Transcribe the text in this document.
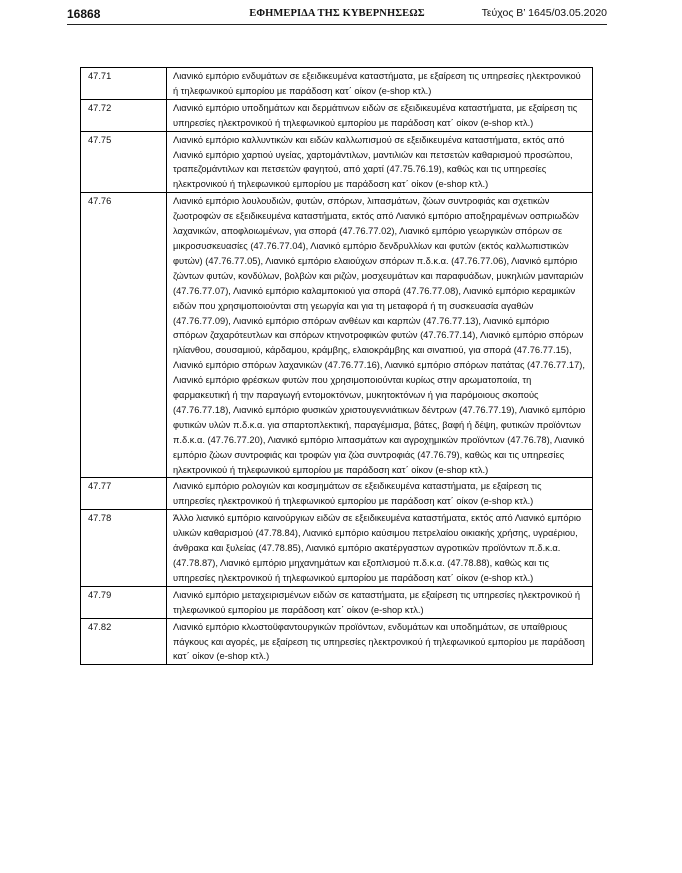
16868	ΕΦΗΜΕΡΙΔΑ ΤΗΣ ΚΥΒΕΡΝΗΣΕΩΣ	Τεύχος Β’ 1645/03.05.2020
47.71	Λιανικό εμπόριο ενδυμάτων σε εξειδικευμένα καταστήματα, με εξαίρεση τις υπηρεσίες ηλεκτρονικού ή τηλεφωνικού εμπορίου με παράδοση κατ΄ οίκον (e-shop κτλ.)
47.72	Λιανικό εμπόριο υποδημάτων και δερμάτινων ειδών σε εξειδικευμένα καταστήματα, με εξαίρεση τις υπηρεσίες ηλεκτρονικού ή τηλεφωνικού εμπορίου με παράδοση κατ΄ οίκον (e-shop κτλ.)
47.75	Λιανικό εμπόριο καλλυντικών και ειδών καλλωπισμού σε εξειδικευμένα καταστήματα, εκτός από Λιανικό εμπόριο χαρτιού υγείας, χαρτομάντιλων, μαντιλιών και πετσετών καθαρισμού προσώπου, τραπεζομάντιλων και πετσετών φαγητού, από χαρτί (47.75.76.19), καθώς και τις υπηρεσίες ηλεκτρονικού ή τηλεφωνικού εμπορίου με παράδοση κατ΄ οίκον (e-shop κτλ.)
47.76	Λιανικό εμπόριο λουλουδιών, φυτών, σπόρων, λιπασμάτων, ζώων συντροφιάς και σχετικών ζωοτροφών σε εξειδικευμένα καταστήματα, εκτός από Λιανικό εμπόριο αποξηραμένων οσπριωδών λαχανικών, αποφλοιωμένων, για σπορά (47.76.77.02), Λιανικό εμπόριο γεωργικών σπόρων σε μικροσυσκευασίες (47.76.77.04), Λιανικό εμπόριο δενδρυλλίων και φυτών (εκτός καλλωπιστικών φυτών) (47.76.77.05), Λιανικό εμπόριο ελαιούχων σπόρων π.δ.κ.α. (47.76.77.06), Λιανικό εμπόριο ζώντων φυτών, κονδύλων, βολβών και ριζών, μοσχευμάτων και παραφυάδων, μυκηλιών μανιταριών (47.76.77.07), Λιανικό εμπόριο καλαμποκιού για σπορά (47.76.77.08), Λιανικό εμπόριο κεραμικών ειδών που χρησιμοποιούνται στη γεωργία και για τη μεταφορά ή τη συσκευασία αγαθών (47.76.77.09), Λιανικό εμπόριο σπόρων ανθέων και καρπών (47.76.77.13), Λιανικό εμπόριο σπόρων ζαχαρότευτλων και σπόρων κτηνοτροφικών φυτών (47.76.77.14), Λιανικό εμπόριο σπόρων ηλίανθου, σουσαμιού, κάρδαμου, κράμβης, ελαιοκράμβης και σιναπιού, για σπορά (47.76.77.15), Λιανικό εμπόριο σπόρων λαχανικών (47.76.77.16), Λιανικό εμπόριο σπόρων πατάτας (47.76.77.17), Λιανικό εμπόριο φρέσκων φυτών που χρησιμοποιούνται κυρίως στην αρωματοποιία, τη φαρμακευτική ή την παραγωγή εντομοκτόνων, μυκητοκτόνων ή για παρόμοιους σκοπούς (47.76.77.18), Λιανικό εμπόριο φυσικών χριστουγεννιάτικων δέντρων (47.76.77.19), Λιανικό εμπόριο φυτικών υλών π.δ.κ.α. για σπαρτοπλεκτική, παραγέμισμα, βάτες, βαφή ή δέψη, φυτικών προϊόντων π.δ.κ.α. (47.76.77.20), Λιανικό εμπόριο λιπασμάτων και αγροχημικών προϊόντων (47.76.78), Λιανικό εμπόριο ζώων συντροφιάς και τροφών για ζώα συντροφιάς (47.76.79), καθώς και τις υπηρεσίες ηλεκτρονικού ή τηλεφωνικού εμπορίου με παράδοση κατ΄ οίκον (e-shop κτλ.)
47.77	Λιανικό εμπόριο ρολογιών και κοσμημάτων σε εξειδικευμένα καταστήματα, με εξαίρεση τις υπηρεσίες ηλεκτρονικού ή τηλεφωνικού εμπορίου με παράδοση κατ΄ οίκον (e-shop κτλ.)
47.78	Άλλο λιανικό εμπόριο καινούργιων ειδών σε εξειδικευμένα καταστήματα, εκτός από Λιανικό εμπόριο υλικών καθαρισμού (47.78.84), Λιανικό εμπόριο καύσιμου πετρελαίου οικιακής χρήσης, υγραέριου, άνθρακα και ξυλείας (47.78.85), Λιανικό εμπόριο ακατέργαστων αγροτικών προϊόντων π.δ.κ.α. (47.78.87), Λιανικό εμπόριο μηχανημάτων και εξοπλισμού π.δ.κ.α. (47.78.88), καθώς και τις υπηρεσίες ηλεκτρονικού ή τηλεφωνικού εμπορίου με παράδοση κατ΄ οίκον (e-shop κτλ.)
47.79	Λιανικό εμπόριο μεταχειρισμένων ειδών σε καταστήματα, με εξαίρεση τις υπηρεσίες ηλεκτρονικού ή τηλεφωνικού εμπορίου με παράδοση κατ΄ οίκον (e-shop κτλ.)
47.82	Λιανικό εμπόριο κλωστοϋφαντουργικών προϊόντων, ενδυμάτων και υποδημάτων, σε υπαίθριους πάγκους και αγορές, με εξαίρεση τις υπηρεσίες ηλεκτρονικού ή τηλεφωνικού εμπορίου με παράδοση κατ΄ οίκον (e-shop κτλ.)
